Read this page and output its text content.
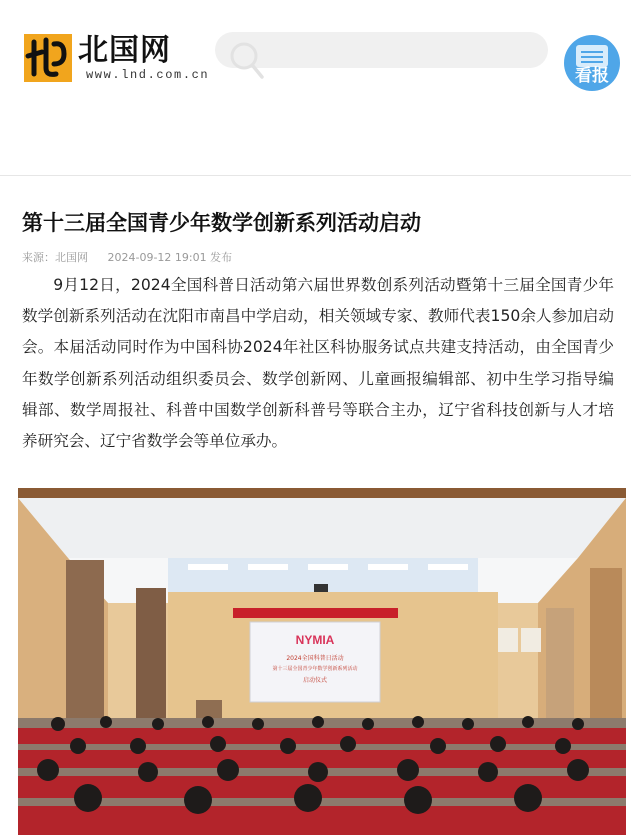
北国网
www.lnd.com.cn	看报
第十三届全国青少年数学创新系列活动启动
来源：北国网 2024-09-12 19:01 发布

9月12日，2024全国科普日活动第六届世界数创系列活动暨第十三届全国青少年数学创新系列活动在沈阳市南昌中学启动，相关领域专家、教师代表150余人参加启动会。本届活动同时作为中国科协2024年社区科协服务试点共建支持活动，由全国青少年数学创新系列活动组织委员会、数学创新网、儿童画报编辑部、初中生学习指导编辑部、数学周报社、科普中国数学创新科普号等联合主办，辽宁省科技创新与人才培养研究会、辽宁省数学会等单位承办。

NYMIA
2024全国科普日活动
第十三届全国青少年数学创新系列活动
启动仪式
